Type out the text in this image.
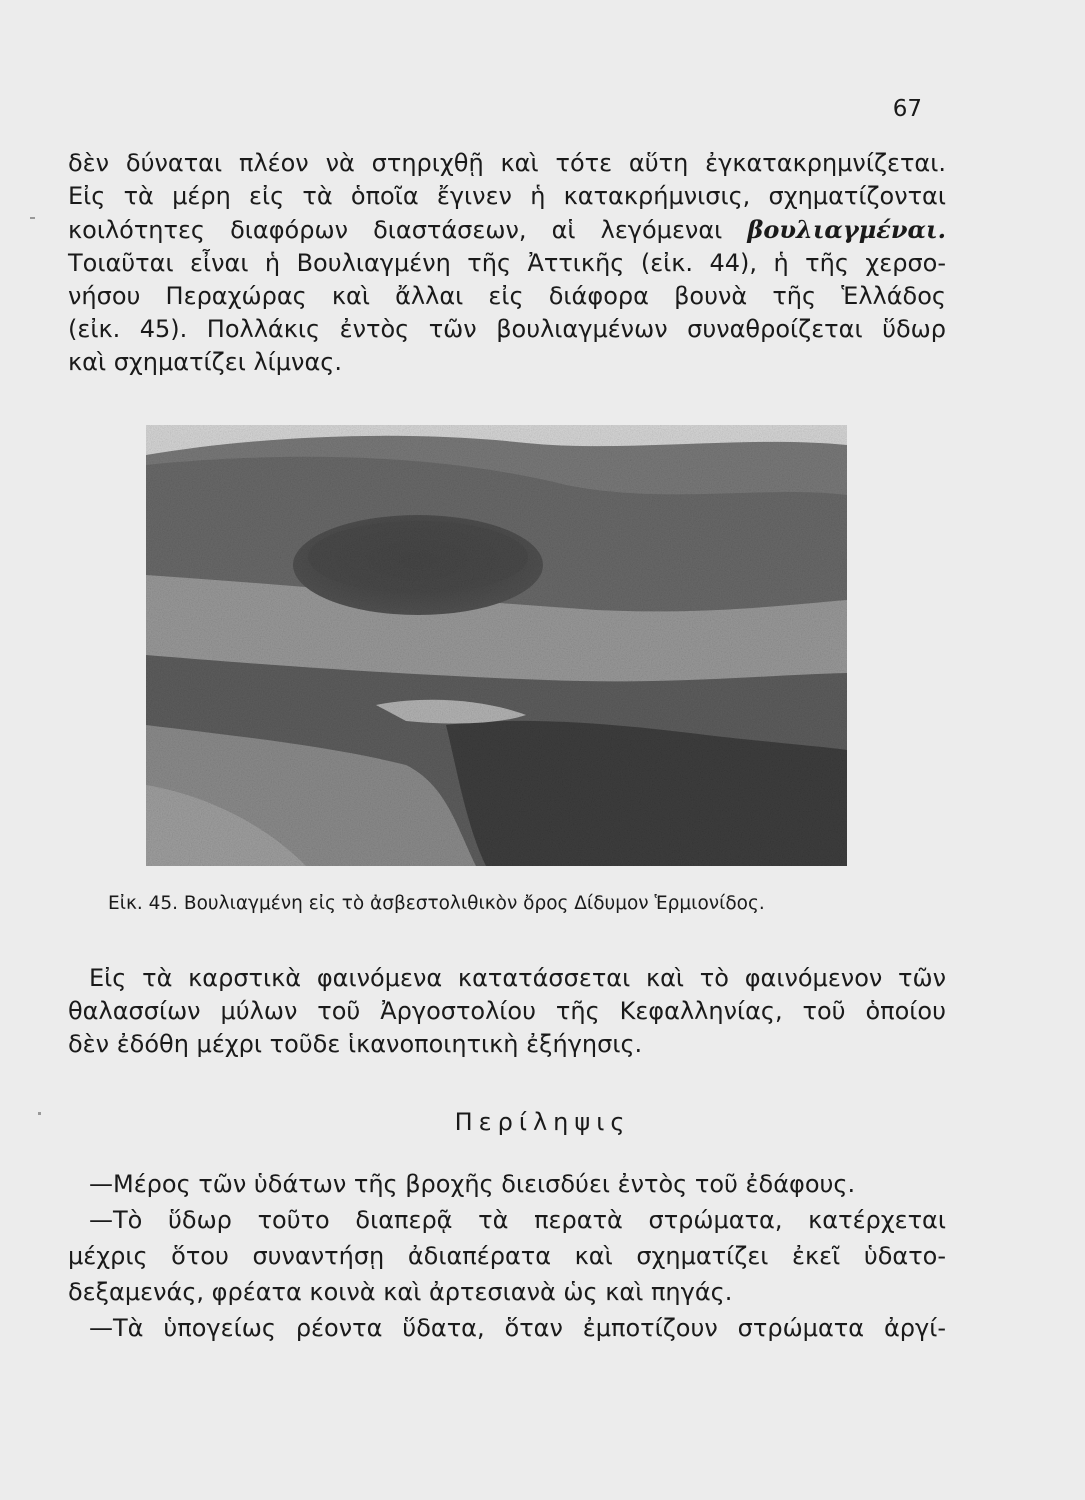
67
δὲν δύναται πλέον νὰ στηριχθῇ καὶ τότε αὕτη ἐγκατακρημνίζεται.
Εἰς τὰ μέρη εἰς τὰ ὁποῖα ἔγινεν ἡ κατακρήμνισις, σχηματίζονται
κοιλότητες διαφόρων διαστάσεων, αἱ λεγόμεναι βουλιαγμέναι.
Τοιαῦται εἶναι ἡ Βουλιαγμένη τῆς Ἀττικῆς (εἰκ. 44), ἡ τῆς χερσο-
νήσου Περαχώρας καὶ ἄλλαι εἰς διάφορα βουνὰ τῆς Ἑλλάδος
(εἰκ. 45). Πολλάκις ἐντὸς τῶν βουλιαγμένων συναθροίζεται ὕδωρ
καὶ σχηματίζει λίμνας.
Εἰκ. 45. Βουλιαγμένη εἰς τὸ ἀσβεστολιθικὸν ὄρος Δίδυμον Ἑρμιονίδος.
Εἰς τὰ καρστικὰ φαινόμενα κατατάσσεται καὶ τὸ φαινόμενον τῶν
θαλασσίων μύλων τοῦ Ἀργοστολίου τῆς Κεφαλληνίας, τοῦ ὁποίου
δὲν ἐδόθη μέχρι τοῦδε ἱκανοποιητικὴ ἐξήγησις.
Περίληψις
—Μέρος τῶν ὑδάτων τῆς βροχῆς διεισδύει ἐντὸς τοῦ ἐδάφους.
—Τὸ ὕδωρ τοῦτο διαπερᾷ τὰ περατὰ στρώματα, κατέρχεται
μέχρις ὅτου συναντήσῃ ἀδιαπέρατα καὶ σχηματίζει ἐκεῖ ὑδατο-
δεξαμενάς, φρέατα κοινὰ καὶ ἀρτεσιανὰ ὡς καὶ πηγάς.
—Τὰ ὑπογείως ρέοντα ὕδατα, ὅταν ἐμποτίζουν στρώματα ἀργί-
